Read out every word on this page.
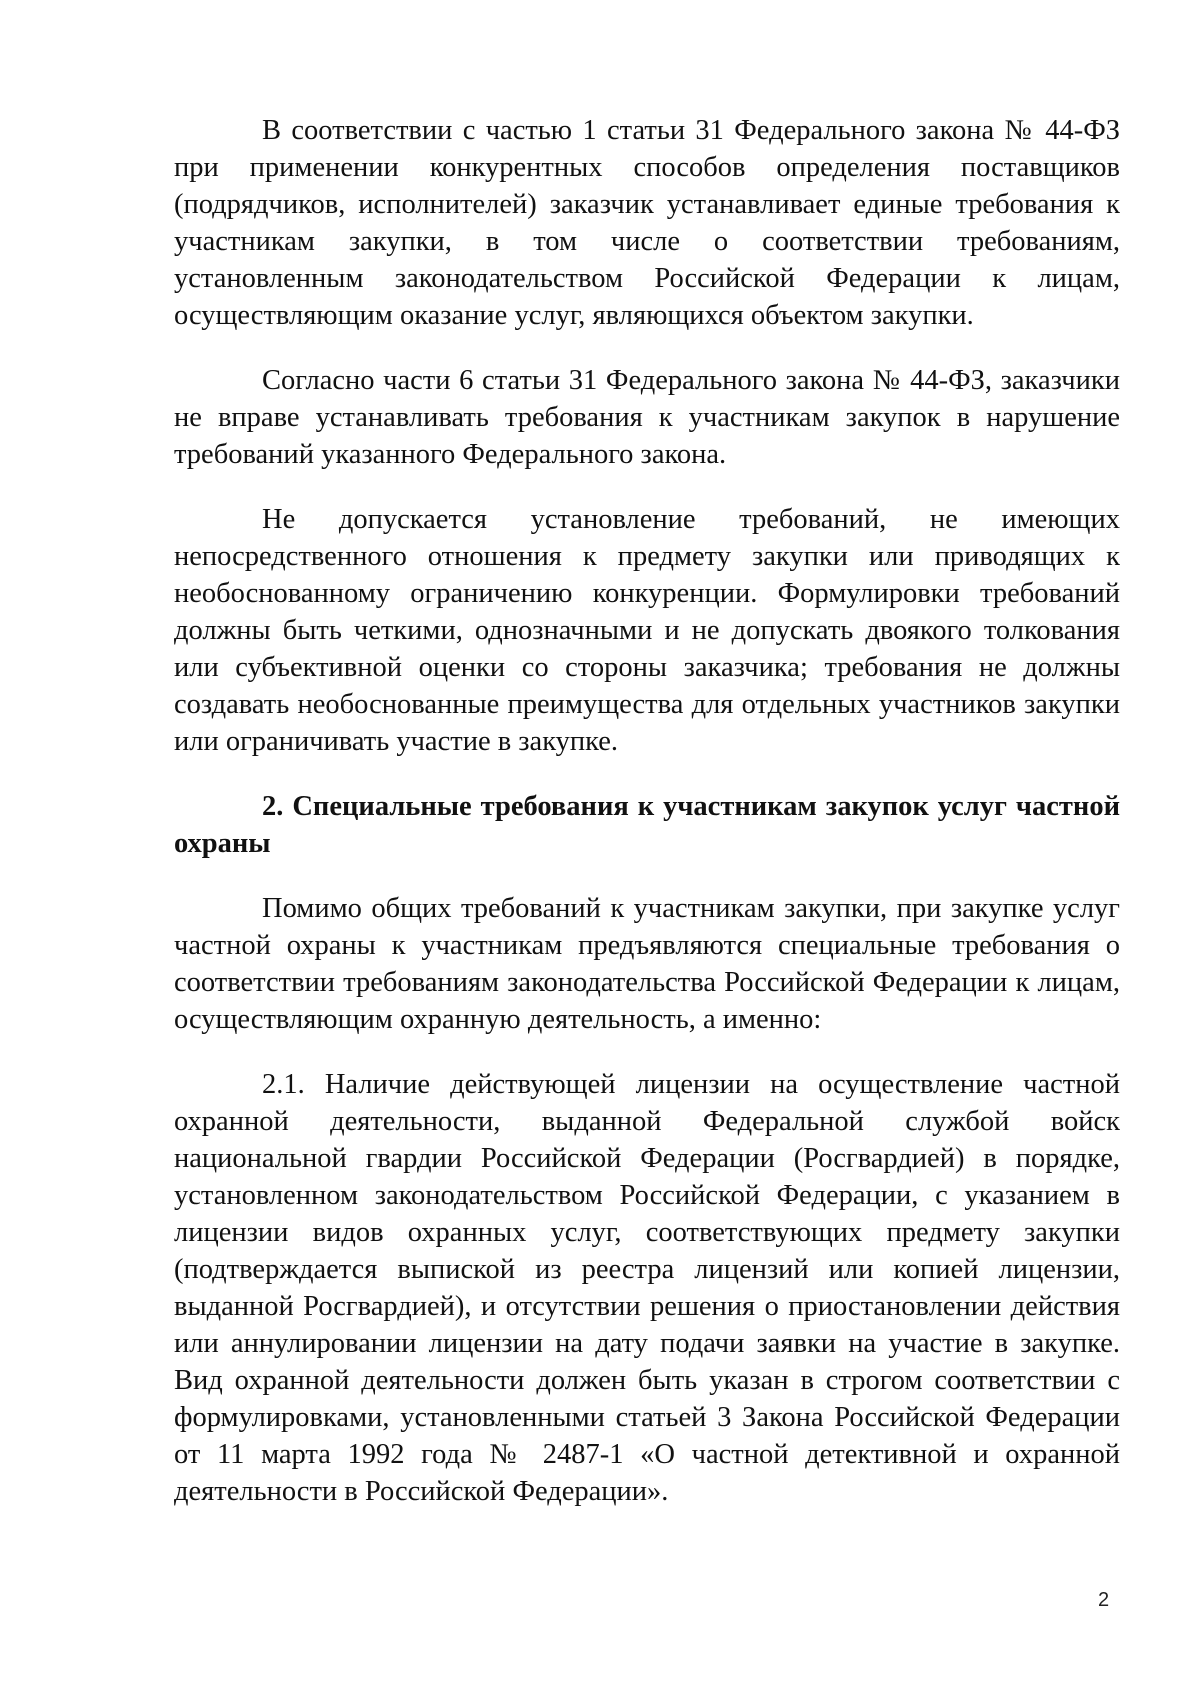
В соответствии с частью 1 статьи 31 Федерального закона № 44-ФЗ при применении конкурентных способов определения поставщиков (подрядчиков, исполнителей) заказчик устанавливает единые требования к участникам закупки, в том числе о соответствии требованиям, установленным законодательством Российской Федерации к лицам, осуществляющим оказание услуг, являющихся объектом закупки.

Согласно части 6 статьи 31 Федерального закона № 44-ФЗ, заказчики не вправе устанавливать требования к участникам закупок в нарушение требований указанного Федерального закона.

Не допускается установление требований, не имеющих непосредственного отношения к предмету закупки или приводящих к необоснованному ограничению конкуренции. Формулировки требований должны быть четкими, однозначными и не допускать двоякого толкования или субъективной оценки со стороны заказчика; требования не должны создавать необоснованные преимущества для отдельных участников закупки или ограничивать участие в закупке.

2. Специальные требования к участникам закупок услуг частной охраны

Помимо общих требований к участникам закупки, при закупке услуг частной охраны к участникам предъявляются специальные требования о соответствии требованиям законодательства Российской Федерации к лицам, осуществляющим охранную деятельность, а именно:

2.1. Наличие действующей лицензии на осуществление частной охранной деятельности, выданной Федеральной службой войск национальной гвардии Российской Федерации (Росгвардией) в порядке, установленном законодательством Российской Федерации, с указанием в лицензии видов охранных услуг, соответствующих предмету закупки (подтверждается выпиской из реестра лицензий или копией лицензии, выданной Росгвардией), и отсутствии решения о приостановлении действия или аннулировании лицензии на дату подачи заявки на участие в закупке. Вид охранной деятельности должен быть указан в строгом соответствии с формулировками, установленными статьей 3 Закона Российской Федерации от 11 марта 1992 года № 2487-1 «О частной детективной и охранной деятельности в Российской Федерации».

2
